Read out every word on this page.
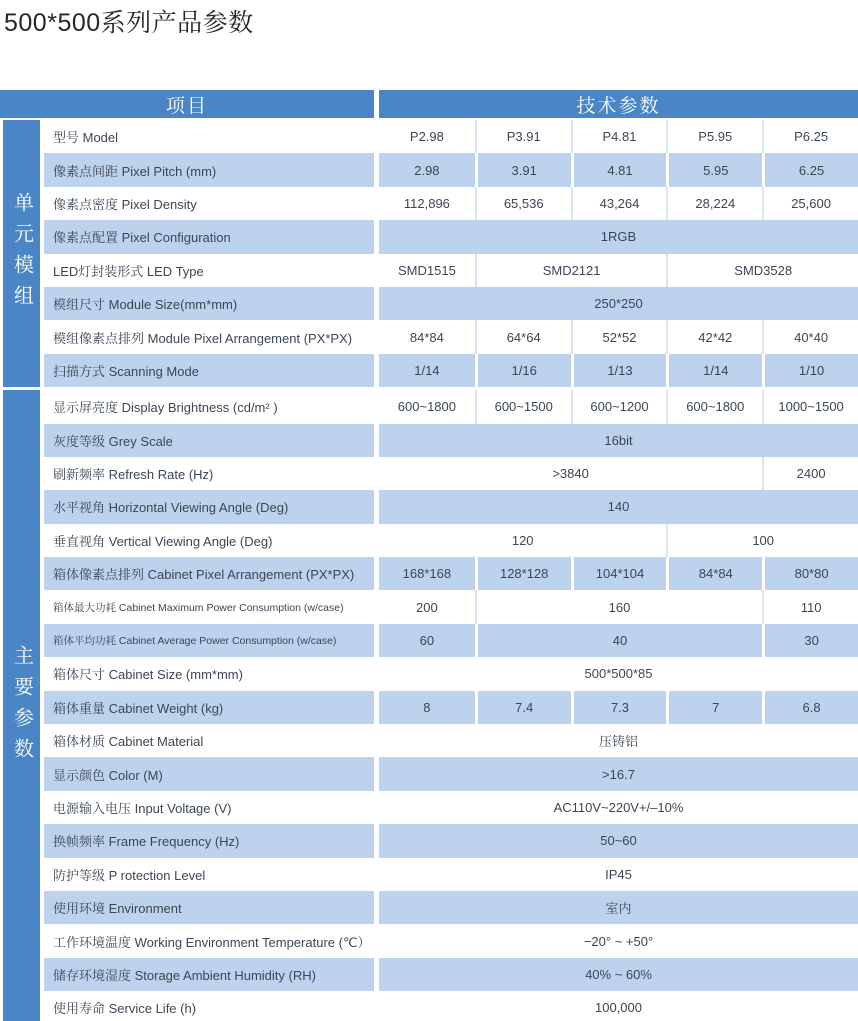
500*500系列产品参数
项目	技术参数
单元模组
型号 Model	P2.98	P3.91	P4.81	P5.95	P6.25
像素点间距 Pixel Pitch (mm)	2.98	3.91	4.81	5.95	6.25
像素点密度 Pixel Density	112,896	65,536	43,264	28,224	25,600
像素点配置 Pixel Configuration	1RGB
LED灯封装形式 LED Type	SMD1515	SMD2121	SMD3528
模组尺寸 Module Size(mm*mm)	250*250
模组像素点排列 Module Pixel Arrangement (PX*PX)	84*84	64*64	52*52	42*42	40*40
扫描方式 Scanning Mode	1/14	1/16	1/13	1/14	1/10
主要参数
显示屏亮度 Display Brightness (cd/m² )	600~1800	600~1500	600~1200	600~1800	1000~1500
灰度等级 Grey Scale	16bit
刷新频率 Refresh Rate (Hz)	>3840	2400
水平视角 Horizontal Viewing Angle (Deg)	140
垂直视角 Vertical Viewing Angle (Deg)	120	100
箱体像素点排列 Cabinet Pixel Arrangement (PX*PX)	168*168	128*128	104*104	84*84	80*80
箱体最大功耗 Cabinet Maximum Power Consumption (w/case)	200	160	110
箱体平均功耗 Cabinet Average Power Consumption (w/case)	60	40	30
箱体尺寸 Cabinet Size (mm*mm)	500*500*85
箱体重量 Cabinet Weight (kg)	8	7.4	7.3	7	6.8
箱体材质 Cabinet Material	压铸铝
显示颜色 Color (M)	>16.7
电源输入电压 Input Voltage (V)	AC110V~220V+/–10%
换帧频率 Frame Frequency (Hz)	50~60
防护等级 P rotection Level	IP45
使用环境 Environment	室内
工作环境温度 Working Environment Temperature (℃）	−20° ~ +50°
储存环境湿度 Storage Ambient Humidity (RH)	40% ~ 60%
使用寿命 Service Life (h)	100,000
